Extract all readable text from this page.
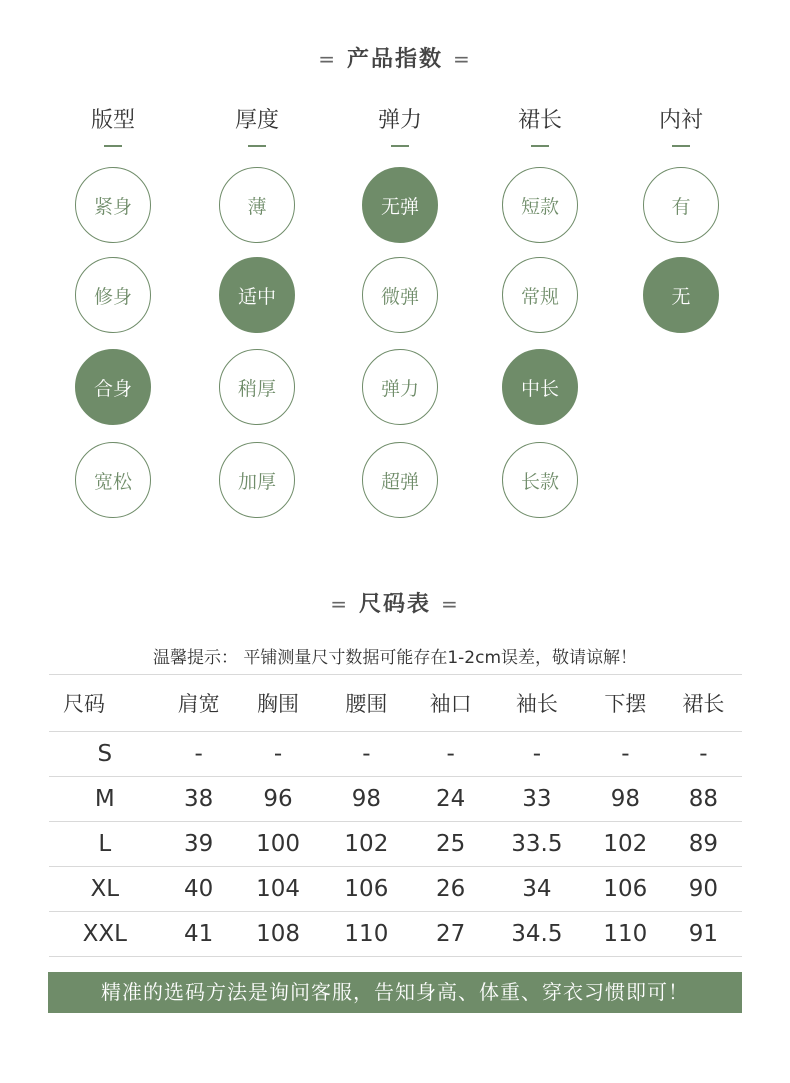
= 产品指数 =
版型
紧身
修身
合身
宽松
厚度
薄
适中
稍厚
加厚
弹力
无弹
微弹
弹力
超弹
裙长
短款
常规
中长
长款
内衬
有
无
= 尺码表 =
温馨提示： 平铺测量尺寸数据可能存在1-2cm误差，敬请谅解！
尺码	肩宽	胸围	腰围	袖口	袖长	下摆	裙长
S	-	-	-	-	-	-	-
M	38	96	98	24	33	98	88
L	39	100	102	25	33.5	102	89
XL	40	104	106	26	34	106	90
XXL	41	108	110	27	34.5	110	91
精准的选码方法是询问客服，告知身高、体重、穿衣习惯即可！
